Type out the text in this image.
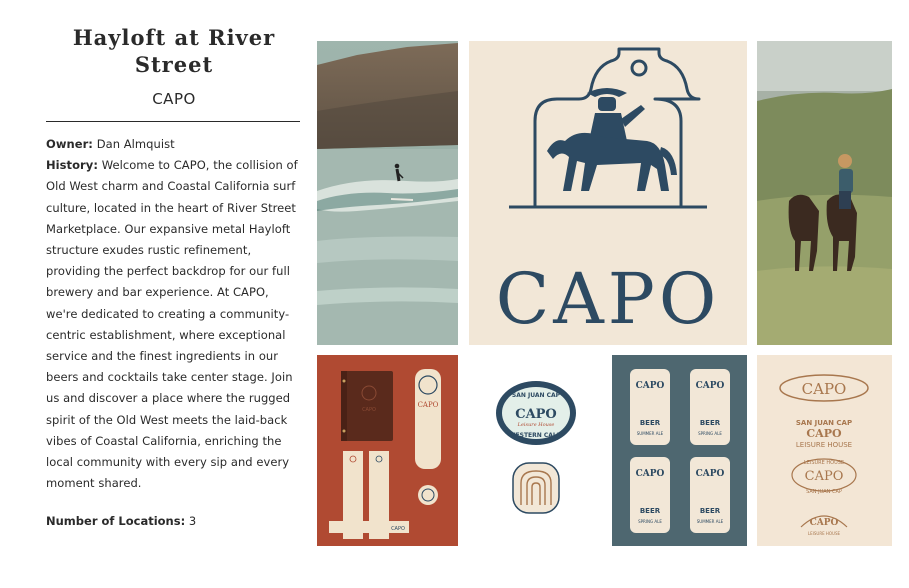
Hayloft at River Street
CAPO
Owner: Dan Almquist
History: Welcome to CAPO, the collision of Old West charm and Coastal California surf culture, located in the heart of River Street Marketplace. Our expansive metal Hayloft structure exudes rustic refinement, providing the perfect backdrop for our full brewery and bar experience. At CAPO, we're dedicated to creating a community-centric establishment, where exceptional service and the finest ingredients in our beers and cocktails take center stage. Join us and discover a place where the rugged spirit of the Old West meets the laid-back vibes of Coastal California, enriching the local community with every sip and every moment shared.
Number of Locations: 3
CAPO
CAPO
CAPO
CAPO
SAN JUAN CAP
CAPO
Leisure House
WESTERN CALIF
CAPO
BEER
SUMMER ALE
CAPO
BEER
SPRING ALE
CAPO
BEER
SPRING ALE
CAPO
BEER
SUMMER ALE
CAPO
SAN JUAN CAP
CAPO
LEISURE HOUSE
LEISURE HOUSE
CAPO
SAN JUAN CAP
CAPO
LEISURE HOUSE
